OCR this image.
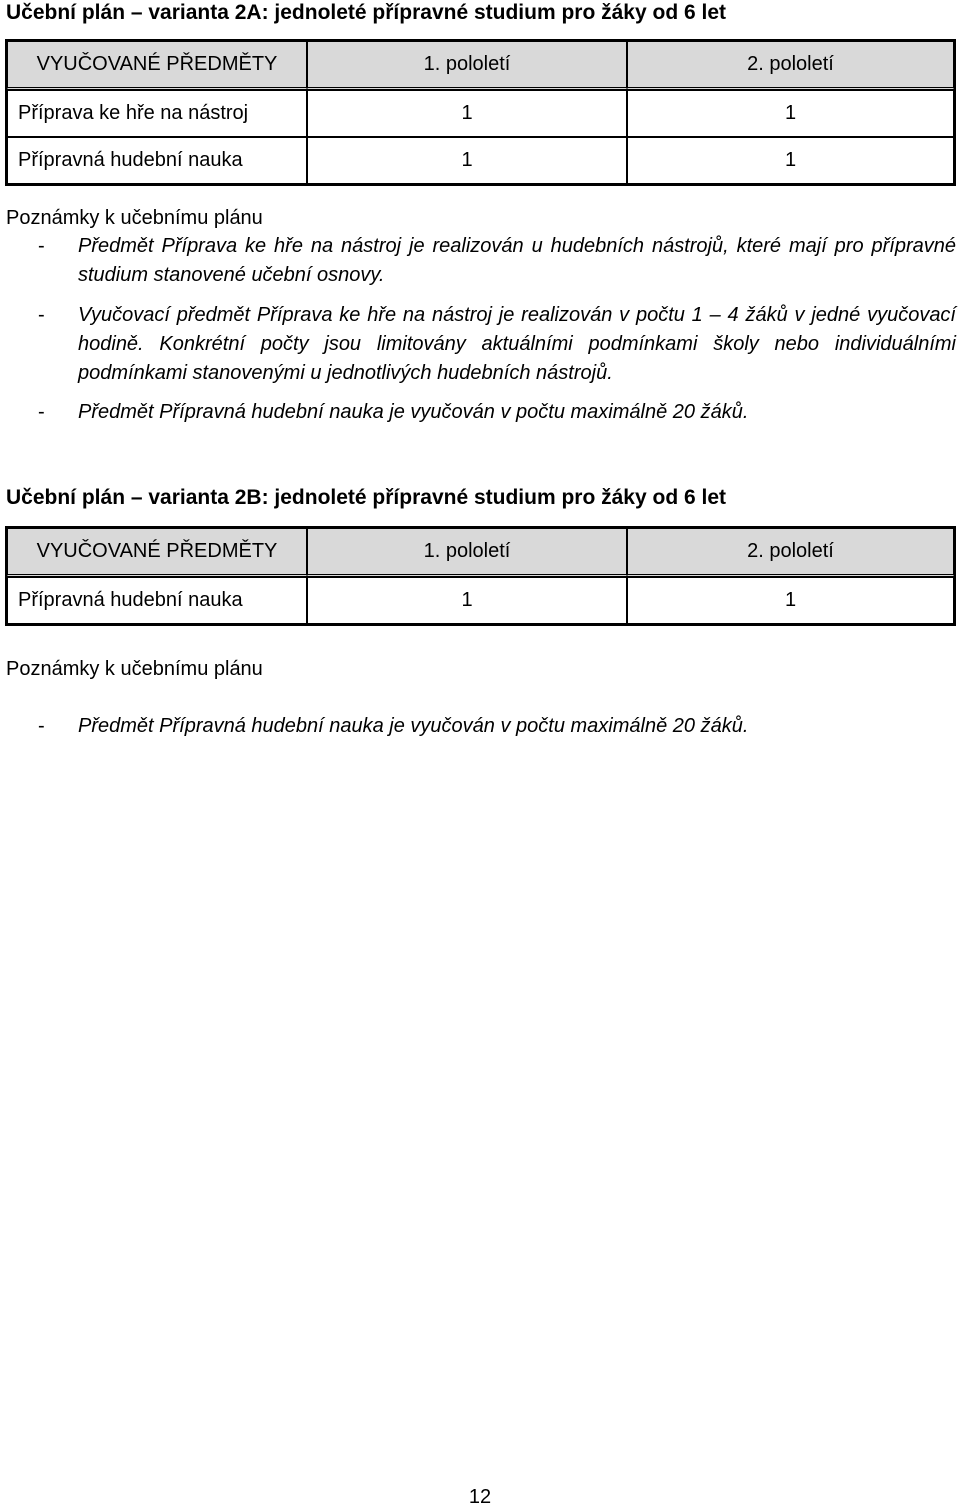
Učební plán – varianta 2A: jednoleté přípravné studium pro žáky od 6 let
VYUČOVANÉ PŘEDMĚTY	1. pololetí	2. pololetí
Příprava ke hře na nástroj	1	1
Přípravná hudební nauka	1	1

Poznámky k učebnímu plánu

-	Předmět Příprava ke hře na nástroj je realizován u hudebních nástrojů, které mají pro přípravné studium stanovené učební osnovy.
-	Vyučovací předmět Příprava ke hře na nástroj je realizován v počtu 1 – 4 žáků v jedné vyučovací hodině. Konkrétní počty jsou limitovány aktuálními podmínkami školy nebo individuálními podmínkami stanovenými u jednotlivých hudebních nástrojů.
-	Předmět Přípravná hudební nauka je vyučován v počtu maximálně 20 žáků.
Učební plán – varianta 2B: jednoleté přípravné studium pro žáky od 6 let
VYUČOVANÉ PŘEDMĚTY	1. pololetí	2. pololetí
Přípravná hudební nauka	1	1

Poznámky k učebnímu plánu

-	Předmět Přípravná hudební nauka je vyučován v počtu maximálně 20 žáků.
12
